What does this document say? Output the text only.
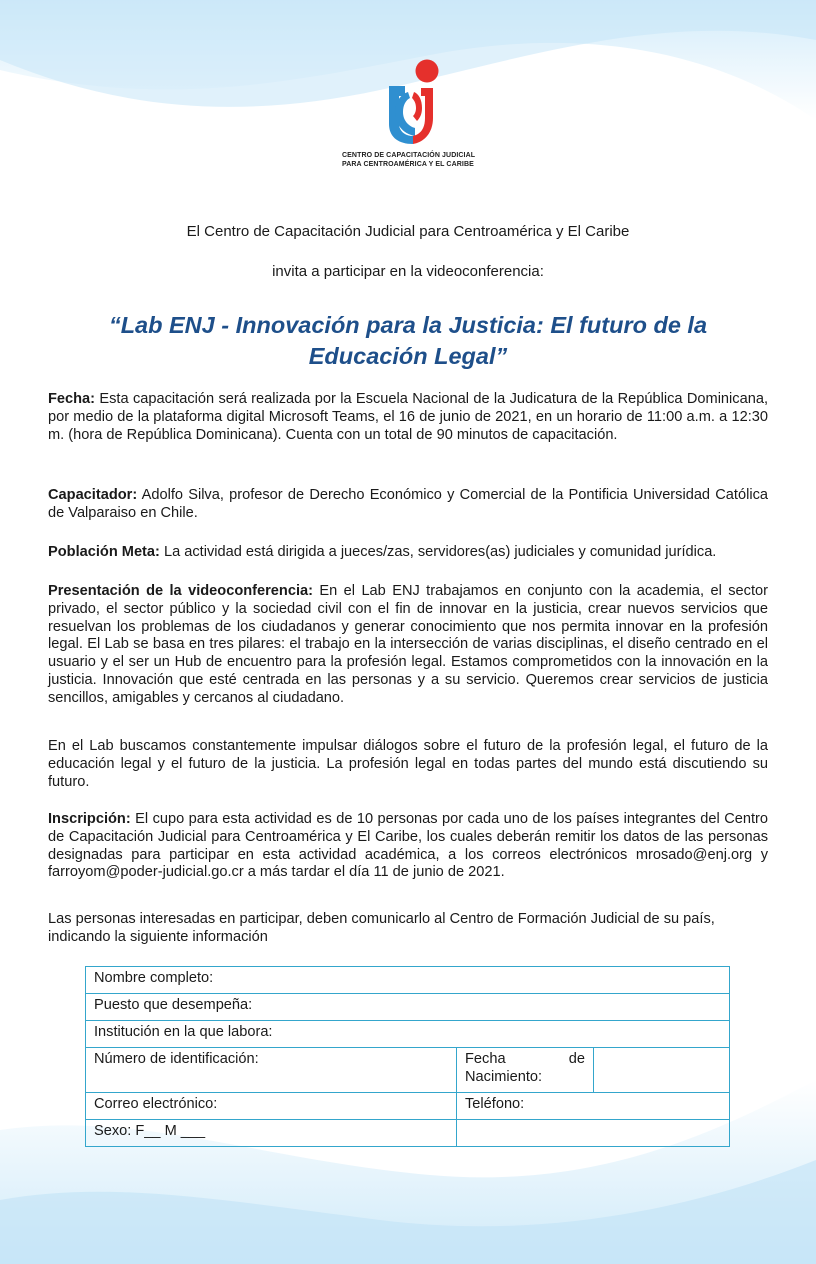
CENTRO DE CAPACITACIÓN JUDICIAL
PARA CENTROAMÉRICA Y EL CARIBE
El Centro de Capacitación Judicial para Centroamérica y El Caribe
invita a participar en la videoconferencia:
“Lab ENJ - Innovación para la Justicia: El futuro de la
Educación Legal”
Fecha: Esta capacitación será realizada por la Escuela Nacional de la Judicatura de la República Dominicana, por medio de la plataforma digital Microsoft Teams, el 16 de junio de 2021, en un horario de 11:00 a.m. a 12:30 m. (hora de República Dominicana). Cuenta con un total de 90 minutos de capacitación.
Capacitador: Adolfo Silva, profesor de Derecho Económico y Comercial de la Pontificia Universidad Católica de Valparaiso en Chile.
Población Meta: La actividad está dirigida a jueces/zas, servidores(as) judiciales y comunidad jurídica.
Presentación de la videoconferencia: En el Lab ENJ trabajamos en conjunto con la academia, el sector privado, el sector público y la sociedad civil con el fin de innovar en la justicia, crear nuevos servicios que resuelvan los problemas de los ciudadanos y generar conocimiento que nos permita innovar en la profesión legal. El Lab se basa en tres pilares: el trabajo en la intersección de varias disciplinas, el diseño centrado en el usuario y el ser un Hub de encuentro para la profesión legal. Estamos comprometidos con la innovación en la justicia. Innovación que esté centrada en las personas y a su servicio. Queremos crear servicios de justicia sencillos, amigables y cercanos al ciudadano.
En el Lab buscamos constantemente impulsar diálogos sobre el futuro de la profesión legal, el futuro de la educación legal y el futuro de la justicia. La profesión legal en todas partes del mundo está discutiendo su futuro.
Inscripción: El cupo para esta actividad es de 10 personas por cada uno de los países integrantes del Centro de Capacitación Judicial para Centroamérica y El Caribe, los cuales deberán remitir los datos de las personas designadas para participar en esta actividad académica, a los correos electrónicos mrosado@enj.org y farroyom@poder-judicial.go.cr a más tardar el día 11 de junio de 2021.
Las personas interesadas en participar, deben comunicarlo al Centro de Formación Judicial de su país, indicando la siguiente información
Nombre completo:		
Puesto que desempeña:		
Institución en la que labora:		
Número de identificación:	Fecha de
Nacimiento:	

Correo electrónico:	Teléfono:	
Sexo: F__ M ___		
